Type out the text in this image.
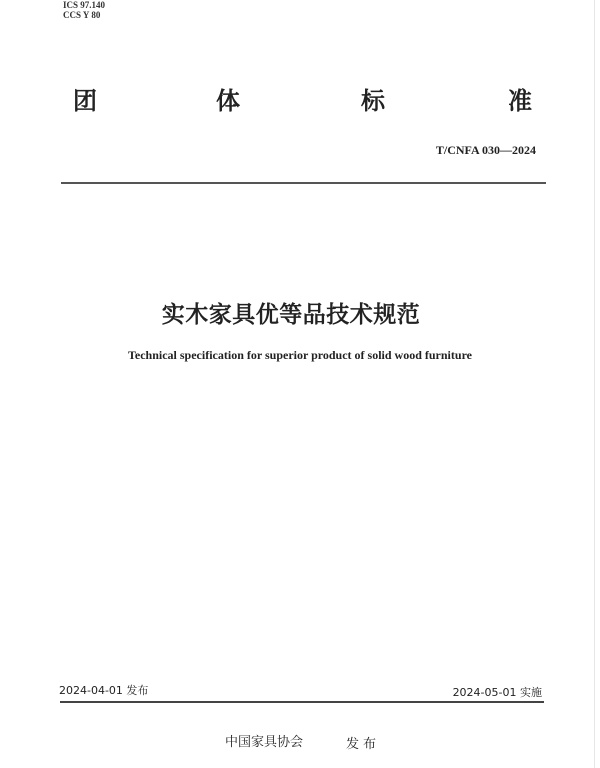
ICS 97.140
CCS Y 80
团	体	标	准
T/CNFA 030—2024
实木家具优等品技术规范
Technical specification for superior product of solid wood furniture
2024-04-01 发布	2024-05-01 实施
中国家具协会	发布
